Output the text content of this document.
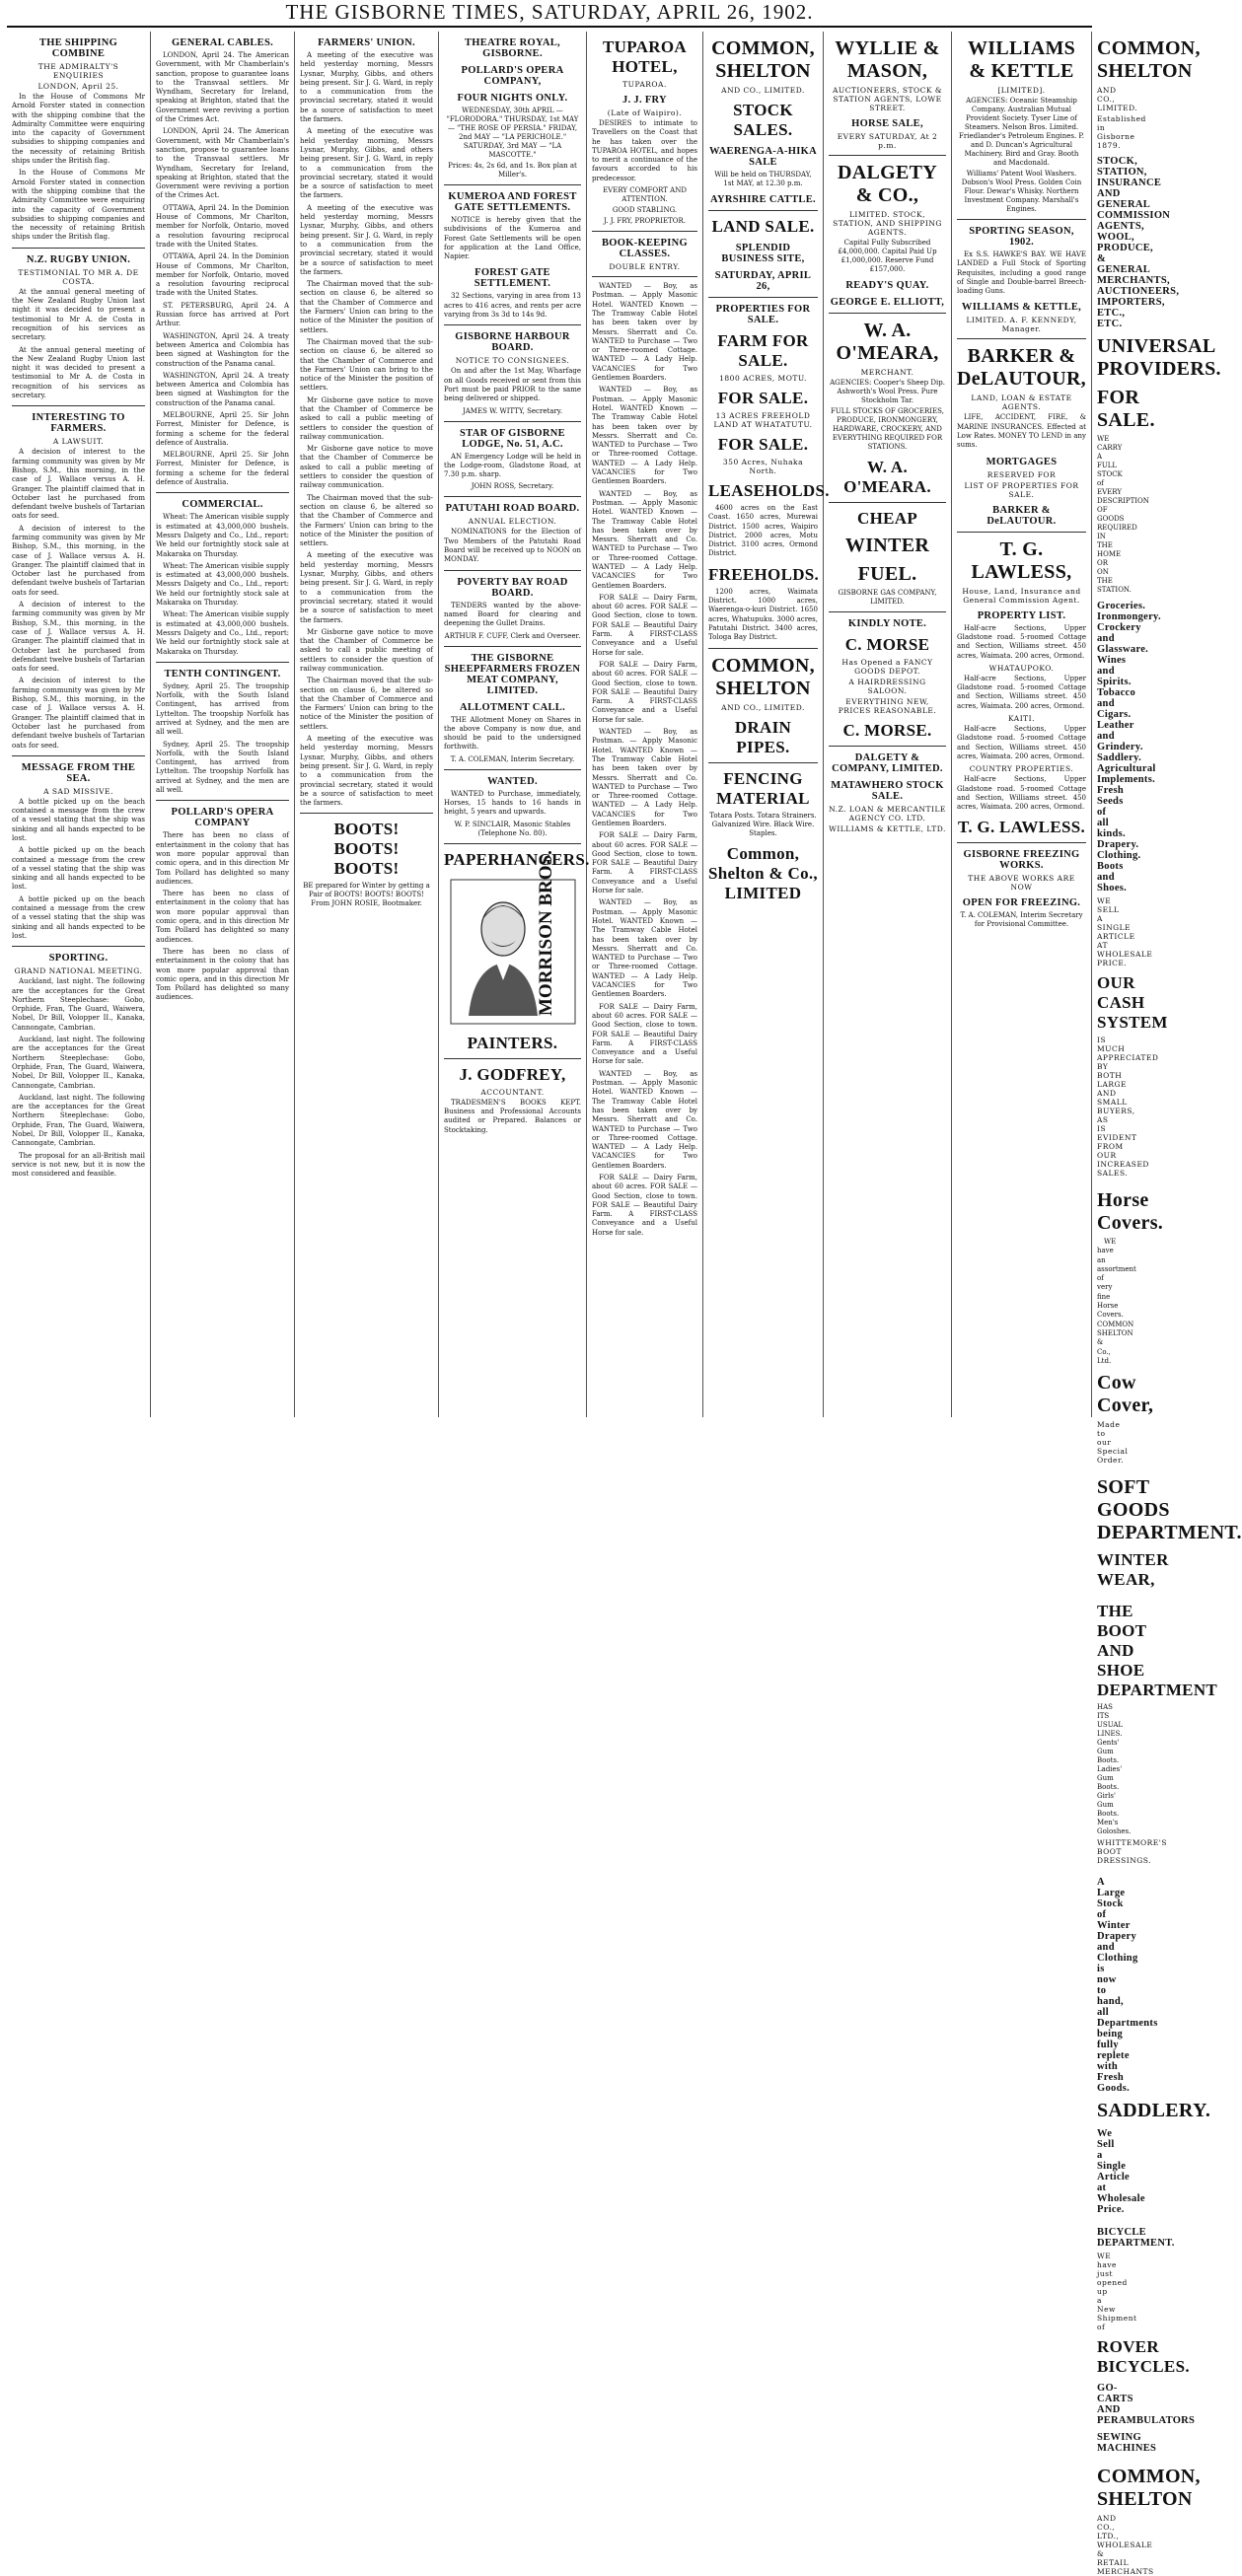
THE GISBORNE TIMES, SATURDAY, APRIL 26, 1902.
THE SHIPPING COMBINE
THE ADMIRALTY'S ENQUIRIES
LONDON, April 25.

In the House of Commons Mr Arnold Forster stated in connection with the shipping combine that the Admiralty Committee were enquiring into the capacity of Government subsidies to shipping companies and the necessity of retaining British ships under the British flag.

In the House of Commons Mr Arnold Forster stated in connection with the shipping combine that the Admiralty Committee were enquiring into the capacity of Government subsidies to shipping companies and the necessity of retaining British ships under the British flag.

N.Z. RUGBY UNION.
TESTIMONIAL TO MR A. DE COSTA.

At the annual general meeting of the New Zealand Rugby Union last night it was decided to present a testimonial to Mr A. de Costa in recognition of his services as secretary.

At the annual general meeting of the New Zealand Rugby Union last night it was decided to present a testimonial to Mr A. de Costa in recognition of his services as secretary.

INTERESTING TO FARMERS.
A LAWSUIT.

A decision of interest to the farming community was given by Mr Bishop, S.M., this morning, in the case of J. Wallace versus A. H. Granger. The plaintiff claimed that in October last he purchased from defendant twelve bushels of Tartarian oats for seed.

A decision of interest to the farming community was given by Mr Bishop, S.M., this morning, in the case of J. Wallace versus A. H. Granger. The plaintiff claimed that in October last he purchased from defendant twelve bushels of Tartarian oats for seed.

A decision of interest to the farming community was given by Mr Bishop, S.M., this morning, in the case of J. Wallace versus A. H. Granger. The plaintiff claimed that in October last he purchased from defendant twelve bushels of Tartarian oats for seed.

A decision of interest to the farming community was given by Mr Bishop, S.M., this morning, in the case of J. Wallace versus A. H. Granger. The plaintiff claimed that in October last he purchased from defendant twelve bushels of Tartarian oats for seed.

MESSAGE FROM THE SEA.
A SAD MISSIVE.

A bottle picked up on the beach contained a message from the crew of a vessel stating that the ship was sinking and all hands expected to be lost.

A bottle picked up on the beach contained a message from the crew of a vessel stating that the ship was sinking and all hands expected to be lost.

A bottle picked up on the beach contained a message from the crew of a vessel stating that the ship was sinking and all hands expected to be lost.

SPORTING.
GRAND NATIONAL MEETING.

Auckland, last night. The following are the acceptances for the Great Northern Steeplechase: Gobo, Orphide, Fran, The Guard, Waiwera, Nobel, Dr Bill, Volopper II., Kanaka, Cannongate, Cambrian.

Auckland, last night. The following are the acceptances for the Great Northern Steeplechase: Gobo, Orphide, Fran, The Guard, Waiwera, Nobel, Dr Bill, Volopper II., Kanaka, Cannongate, Cambrian.

Auckland, last night. The following are the acceptances for the Great Northern Steeplechase: Gobo, Orphide, Fran, The Guard, Waiwera, Nobel, Dr Bill, Volopper II., Kanaka, Cannongate, Cambrian.

The proposal for an all-British mail service is not new, but it is now the most considered and feasible.

GENERAL CABLES.

LONDON, April 24. The American Government, with Mr Chamberlain's sanction, propose to guarantee loans to the Transvaal settlers. Mr Wyndham, Secretary for Ireland, speaking at Brighton, stated that the Government were reviving a portion of the Crimes Act.

LONDON, April 24. The American Government, with Mr Chamberlain's sanction, propose to guarantee loans to the Transvaal settlers. Mr Wyndham, Secretary for Ireland, speaking at Brighton, stated that the Government were reviving a portion of the Crimes Act.

OTTAWA, April 24. In the Dominion House of Commons, Mr Charlton, member for Norfolk, Ontario, moved a resolution favouring reciprocal trade with the United States.

OTTAWA, April 24. In the Dominion House of Commons, Mr Charlton, member for Norfolk, Ontario, moved a resolution favouring reciprocal trade with the United States.

ST. PETERSBURG, April 24. A Russian force has arrived at Port Arthur.

WASHINGTON, April 24. A treaty between America and Colombia has been signed at Washington for the construction of the Panama canal.

WASHINGTON, April 24. A treaty between America and Colombia has been signed at Washington for the construction of the Panama canal.

MELBOURNE, April 25. Sir John Forrest, Minister for Defence, is forming a scheme for the federal defence of Australia.

MELBOURNE, April 25. Sir John Forrest, Minister for Defence, is forming a scheme for the federal defence of Australia.

COMMERCIAL.

Wheat: The American visible supply is estimated at 43,000,000 bushels. Messrs Dalgety and Co., Ltd., report: We held our fortnightly stock sale at Makaraka on Thursday.

Wheat: The American visible supply is estimated at 43,000,000 bushels. Messrs Dalgety and Co., Ltd., report: We held our fortnightly stock sale at Makaraka on Thursday.

Wheat: The American visible supply is estimated at 43,000,000 bushels. Messrs Dalgety and Co., Ltd., report: We held our fortnightly stock sale at Makaraka on Thursday.

TENTH CONTINGENT.

Sydney, April 25. The troopship Norfolk, with the South Island Contingent, has arrived from Lyttelton. The troopship Norfolk has arrived at Sydney, and the men are all well.

Sydney, April 25. The troopship Norfolk, with the South Island Contingent, has arrived from Lyttelton. The troopship Norfolk has arrived at Sydney, and the men are all well.

POLLARD'S OPERA COMPANY

There has been no class of entertainment in the colony that has won more popular approval than comic opera, and in this direction Mr Tom Pollard has delighted so many audiences.

There has been no class of entertainment in the colony that has won more popular approval than comic opera, and in this direction Mr Tom Pollard has delighted so many audiences.

There has been no class of entertainment in the colony that has won more popular approval than comic opera, and in this direction Mr Tom Pollard has delighted so many audiences.

FARMERS' UNION.

A meeting of the executive was held yesterday morning, Messrs Lysnar, Murphy, Gibbs, and others being present. Sir J. G. Ward, in reply to a communication from the provincial secretary, stated it would be a source of satisfaction to meet the farmers.

A meeting of the executive was held yesterday morning, Messrs Lysnar, Murphy, Gibbs, and others being present. Sir J. G. Ward, in reply to a communication from the provincial secretary, stated it would be a source of satisfaction to meet the farmers.

A meeting of the executive was held yesterday morning, Messrs Lysnar, Murphy, Gibbs, and others being present. Sir J. G. Ward, in reply to a communication from the provincial secretary, stated it would be a source of satisfaction to meet the farmers.

The Chairman moved that the sub-section on clause 6, be altered so that the Chamber of Commerce and the Farmers' Union can bring to the notice of the Minister the position of settlers.

The Chairman moved that the sub-section on clause 6, be altered so that the Chamber of Commerce and the Farmers' Union can bring to the notice of the Minister the position of settlers.

Mr Gisborne gave notice to move that the Chamber of Commerce be asked to call a public meeting of settlers to consider the question of railway communication.

Mr Gisborne gave notice to move that the Chamber of Commerce be asked to call a public meeting of settlers to consider the question of railway communication.

The Chairman moved that the sub-section on clause 6, be altered so that the Chamber of Commerce and the Farmers' Union can bring to the notice of the Minister the position of settlers.

A meeting of the executive was held yesterday morning, Messrs Lysnar, Murphy, Gibbs, and others being present. Sir J. G. Ward, in reply to a communication from the provincial secretary, stated it would be a source of satisfaction to meet the farmers.

Mr Gisborne gave notice to move that the Chamber of Commerce be asked to call a public meeting of settlers to consider the question of railway communication.

The Chairman moved that the sub-section on clause 6, be altered so that the Chamber of Commerce and the Farmers' Union can bring to the notice of the Minister the position of settlers.

A meeting of the executive was held yesterday morning, Messrs Lysnar, Murphy, Gibbs, and others being present. Sir J. G. Ward, in reply to a communication from the provincial secretary, stated it would be a source of satisfaction to meet the farmers.

BOOTS! BOOTS! BOOTS!
BE prepared for Winter by getting a Pair of BOOTS! BOOTS! BOOTS! From JOHN ROSIE, Bootmaker.
THEATRE ROYAL, GISBORNE.
POLLARD'S OPERA COMPANY,
FOUR NIGHTS ONLY.
WEDNESDAY, 30th APRIL — "FLORODORA." THURSDAY, 1st MAY — "THE ROSE OF PERSIA." FRIDAY, 2nd MAY — "LA PERICHOLE." SATURDAY, 3rd MAY — "LA MASCOTTE."
Prices: 4s, 2s 6d, and 1s. Box plan at Miller's.
KUMEROA AND FOREST GATE SETTLEMENTS.

NOTICE is hereby given that the subdivisions of the Kumeroa and Forest Gate Settlements will be open for application at the Land Office, Napier.

FOREST GATE SETTLEMENT.

32 Sections, varying in area from 13 acres to 416 acres, and rents per acre varying from 3s 3d to 14s 9d.

GISBORNE HARBOUR BOARD.
NOTICE TO CONSIGNEES.

On and after the 1st May, Wharfage on all Goods received or sent from this Port must be paid PRIOR to the same being delivered or shipped.

JAMES W. WITTY, Secretary.
STAR OF GISBORNE LODGE, No. 51, A.C.

AN Emergency Lodge will be held in the Lodge-room, Gladstone Road, at 7.30 p.m. sharp.

JOHN ROSS, Secretary.
PATUTAHI ROAD BOARD.
ANNUAL ELECTION.

NOMINATIONS for the Election of Two Members of the Patutahi Road Board will be received up to NOON on MONDAY.

POVERTY BAY ROAD BOARD.

TENDERS wanted by the above-named Board for clearing and deepening the Gullet Drains.

ARTHUR F. CUFF, Clerk and Overseer.
THE GISBORNE SHEEPFARMERS FROZEN MEAT COMPANY, LIMITED.
ALLOTMENT CALL.

THE Allotment Money on Shares in the above Company is now due, and should be paid to the undersigned forthwith.

T. A. COLEMAN, Interim Secretary.
WANTED.

WANTED to Purchase, immediately, Horses, 15 hands to 16 hands in height, 5 years and upwards.

W. P. SINCLAIR, Masonic Stables (Telephone No. 80).
PAPERHANGERS.
MORRISON BROS.
PAINTERS.
J. GODFREY,
ACCOUNTANT.

TRADESMEN'S BOOKS KEPT. Business and Professional Accounts audited or Prepared. Balances or Stocktaking.

TUPAROA HOTEL,
TUPAROA.
J. J. FRY
(Late of Waipiro).

DESIRES to intimate to Travellers on the Coast that he has taken over the TUPAROA HOTEL, and hopes to merit a continuance of the favours accorded to his predecessor.

EVERY COMFORT AND ATTENTION.
GOOD STABLING.
J. J. FRY, PROPRIETOR.
BOOK-KEEPING CLASSES.
DOUBLE ENTRY.

WANTED — Boy, as Postman. — Apply Masonic Hotel. WANTED Known — The Tramway Cable Hotel has been taken over by Messrs. Sherratt and Co. WANTED to Purchase — Two or Three-roomed Cottage. WANTED — A Lady Help. VACANCIES for Two Gentlemen Boarders.

WANTED — Boy, as Postman. — Apply Masonic Hotel. WANTED Known — The Tramway Cable Hotel has been taken over by Messrs. Sherratt and Co. WANTED to Purchase — Two or Three-roomed Cottage. WANTED — A Lady Help. VACANCIES for Two Gentlemen Boarders.

WANTED — Boy, as Postman. — Apply Masonic Hotel. WANTED Known — The Tramway Cable Hotel has been taken over by Messrs. Sherratt and Co. WANTED to Purchase — Two or Three-roomed Cottage. WANTED — A Lady Help. VACANCIES for Two Gentlemen Boarders.

FOR SALE — Dairy Farm, about 60 acres. FOR SALE — Good Section, close to town. FOR SALE — Beautiful Dairy Farm. A FIRST-CLASS Conveyance and a Useful Horse for sale.

FOR SALE — Dairy Farm, about 60 acres. FOR SALE — Good Section, close to town. FOR SALE — Beautiful Dairy Farm. A FIRST-CLASS Conveyance and a Useful Horse for sale.

WANTED — Boy, as Postman. — Apply Masonic Hotel. WANTED Known — The Tramway Cable Hotel has been taken over by Messrs. Sherratt and Co. WANTED to Purchase — Two or Three-roomed Cottage. WANTED — A Lady Help. VACANCIES for Two Gentlemen Boarders.

FOR SALE — Dairy Farm, about 60 acres. FOR SALE — Good Section, close to town. FOR SALE — Beautiful Dairy Farm. A FIRST-CLASS Conveyance and a Useful Horse for sale.

WANTED — Boy, as Postman. — Apply Masonic Hotel. WANTED Known — The Tramway Cable Hotel has been taken over by Messrs. Sherratt and Co. WANTED to Purchase — Two or Three-roomed Cottage. WANTED — A Lady Help. VACANCIES for Two Gentlemen Boarders.

FOR SALE — Dairy Farm, about 60 acres. FOR SALE — Good Section, close to town. FOR SALE — Beautiful Dairy Farm. A FIRST-CLASS Conveyance and a Useful Horse for sale.

WANTED — Boy, as Postman. — Apply Masonic Hotel. WANTED Known — The Tramway Cable Hotel has been taken over by Messrs. Sherratt and Co. WANTED to Purchase — Two or Three-roomed Cottage. WANTED — A Lady Help. VACANCIES for Two Gentlemen Boarders.

FOR SALE — Dairy Farm, about 60 acres. FOR SALE — Good Section, close to town. FOR SALE — Beautiful Dairy Farm. A FIRST-CLASS Conveyance and a Useful Horse for sale.

COMMON, SHELTON
AND CO., LIMITED.
STOCK SALES.
WAERENGA-A-HIKA SALE
Will be held on THURSDAY, 1st MAY, at 12.30 p.m.
AYRSHIRE CATTLE.
LAND SALE.
SPLENDID BUSINESS SITE,
SATURDAY, APRIL 26,
PROPERTIES FOR SALE.
FARM FOR SALE.
1800 ACRES, MOTU.
FOR SALE.
13 ACRES FREEHOLD LAND AT WHATATUTU.
FOR SALE.
350 Acres, Nuhaka North.
LEASEHOLDS.

4600 acres on the East Coast. 1650 acres, Murewai District. 1500 acres, Waipiro District. 2000 acres, Motu District. 3100 acres, Ormond District.

FREEHOLDS.

1200 acres, Waimata District. 1000 acres, Waerenga-o-kuri District. 1650 acres, Whatupuku. 3000 acres, Patutahi District. 3400 acres, Tologa Bay District.

COMMON, SHELTON
AND CO., LIMITED.
DRAIN PIPES.
FENCING MATERIAL
Totara Posts. Totara Strainers. Galvanized Wire. Black Wire. Staples.
Common, Shelton & Co., LIMITED
WYLLIE & MASON,
AUCTIONEERS, STOCK & STATION AGENTS, LOWE STREET.
HORSE SALE,
EVERY SATURDAY, At 2 p.m.
DALGETY & CO.,
LIMITED. STOCK, STATION, AND SHIPPING AGENTS.
Capital Fully Subscribed £4,000,000. Capital Paid Up £1,000,000. Reserve Fund £157,000.
READY'S QUAY.
GEORGE E. ELLIOTT,
W. A. O'MEARA,
MERCHANT.
AGENCIES: Cooper's Sheep Dip. Ashworth's Wool Press. Pure Stockholm Tar.
FULL STOCKS OF GROCERIES, PRODUCE, IRONMONGERY, HARDWARE, CROCKERY, AND EVERYTHING REQUIRED FOR STATIONS.
W. A. O'MEARA.
CHEAP
WINTER
FUEL.
GISBORNE GAS COMPANY, LIMITED.
KINDLY NOTE.
C. MORSE
Has Opened a FANCY GOODS DEPOT.
A HAIRDRESSING SALOON.
EVERYTHING NEW, PRICES REASONABLE.
C. MORSE.
DALGETY & COMPANY, LIMITED.
MATAWHERO STOCK SALE.
N.Z. LOAN & MERCANTILE AGENCY CO. LTD.
WILLIAMS & KETTLE, LTD.
WILLIAMS & KETTLE
[LIMITED].
AGENCIES: Oceanic Steamship Company. Australian Mutual Provident Society. Tyser Line of Steamers. Nelson Bros. Limited. Friedlander's Petroleum Engines. P. and D. Duncan's Agricultural Machinery. Bird and Gray. Booth and Macdonald.
Williams' Patent Wool Washers. Dobson's Wool Press. Golden Coin Flour. Dewar's Whisky. Northern Investment Company. Marshall's Engines.
SPORTING SEASON, 1902.

Ex S.S. HAWKE'S BAY. WE HAVE LANDED a Full Stock of Sporting Requisites, including a good range of Single and Double-barrel Breech-loading Guns.

WILLIAMS & KETTLE,
LIMITED. A. F. KENNEDY, Manager.
BARKER & DeLAUTOUR,
LAND, LOAN & ESTATE AGENTS.

LIFE, ACCIDENT, FIRE, & MARINE INSURANCES. Effected at Low Rates. MONEY TO LEND in any sums.

MORTGAGES
RESERVED FOR
LIST OF PROPERTIES FOR SALE.
BARKER & DeLAUTOUR.
T. G. LAWLESS,
House, Land, Insurance and General Commission Agent.
PROPERTY LIST.

Half-acre Sections, Upper Gladstone road. 5-roomed Cottage and Section, Williams street. 450 acres, Waimata. 200 acres, Ormond.

WHATAUPOKO.

Half-acre Sections, Upper Gladstone road. 5-roomed Cottage and Section, Williams street. 450 acres, Waimata. 200 acres, Ormond.

KAITI.

Half-acre Sections, Upper Gladstone road. 5-roomed Cottage and Section, Williams street. 450 acres, Waimata. 200 acres, Ormond.

COUNTRY PROPERTIES.

Half-acre Sections, Upper Gladstone road. 5-roomed Cottage and Section, Williams street. 450 acres, Waimata. 200 acres, Ormond.

T. G. LAWLESS.
GISBORNE FREEZING WORKS.
THE ABOVE WORKS ARE NOW
OPEN FOR FREEZING.
T. A. COLEMAN, Interim Secretary for Provisional Committee.
COMMON, SHELTON
AND CO., LIMITED.
Established in Gisborne 1879.
STOCK, STATION, INSURANCE AND GENERAL COMMISSION AGENTS, WOOL, PRODUCE, & GENERAL MERCHANTS, AUCTIONEERS, IMPORTERS, ETC., ETC.
UNIVERSAL PROVIDERS.
FOR SALE.
WE CARRY A FULL STOCK of EVERY DESCRIPTION OF GOODS REQUIRED IN THE HOME OR ON THE STATION.
Groceries. Ironmongery. Crockery and Glassware. Wines and Spirits. Tobacco and Cigars. Leather and Grindery. Saddlery. Agricultural Implements. Fresh Seeds of all kinds. Drapery. Clothing. Boots and Shoes.
WE SELL A SINGLE ARTICLE AT WHOLESALE PRICE.
OUR CASH SYSTEM
IS MUCH APPRECIATED BY BOTH LARGE AND SMALL BUYERS, AS IS EVIDENT FROM OUR INCREASED SALES.
Horse Covers.

WE have an assortment of very fine Horse Covers. COMMON SHELTON & Co., Ltd.

Cow Cover,
Made to our Special Order.
SOFT GOODS DEPARTMENT.
WINTER WEAR,
THE BOOT AND SHOE DEPARTMENT
HAS ITS USUAL LINES. Gents' Gum Boots. Ladies' Gum Boots. Girls' Gum Boots. Men's Goloshes.
WHITTEMORE'S BOOT DRESSINGS.
A Large Stock of Winter Drapery and Clothing is now to hand, all Departments being fully replete with Fresh Goods.
SADDLERY.
We Sell a Single Article at Wholesale Price.
BICYCLE DEPARTMENT.
WE have just opened up a New Shipment of
ROVER BICYCLES.
GO-CARTS AND PERAMBULATORS
SEWING MACHINES
COMMON, SHELTON
AND CO., LTD., WHOLESALE & RETAIL MERCHANTS
